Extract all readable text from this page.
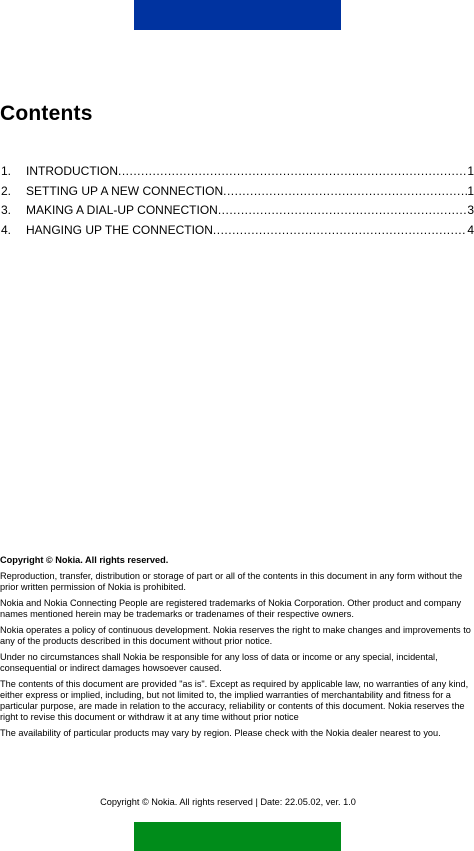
Contents
1.	INTRODUCTION .....	1
2.	SETTING UP A NEW CONNECTION .....	1
3.	MAKING A DIAL-UP CONNECTION .....	3
4.	HANGING UP THE CONNECTION .....	4

Copyright © Nokia. All rights reserved.

Reproduction, transfer, distribution or storage of part or all of the contents in this document in any form without the prior written permission of Nokia is prohibited.

Nokia and Nokia Connecting People are registered trademarks of Nokia Corporation. Other product and company names mentioned herein may be trademarks or tradenames of their respective owners.

Nokia operates a policy of continuous development. Nokia reserves the right to make changes and improvements to any of the products described in this document without prior notice.

Under no circumstances shall Nokia be responsible for any loss of data or income or any special, incidental, consequential or indirect damages howsoever caused.

The contents of this document are provided "as is". Except as required by applicable law, no warranties of any kind, either express or implied, including, but not limited to, the implied warranties of merchantability and fitness for a particular purpose, are made in relation to the accuracy, reliability or contents of this document. Nokia reserves the right to revise this document or withdraw it at any time without prior notice

The availability of particular products may vary by region. Please check with the Nokia dealer nearest to you.

Copyright © Nokia. All rights reserved | Date: 22.05.02, ver. 1.0
